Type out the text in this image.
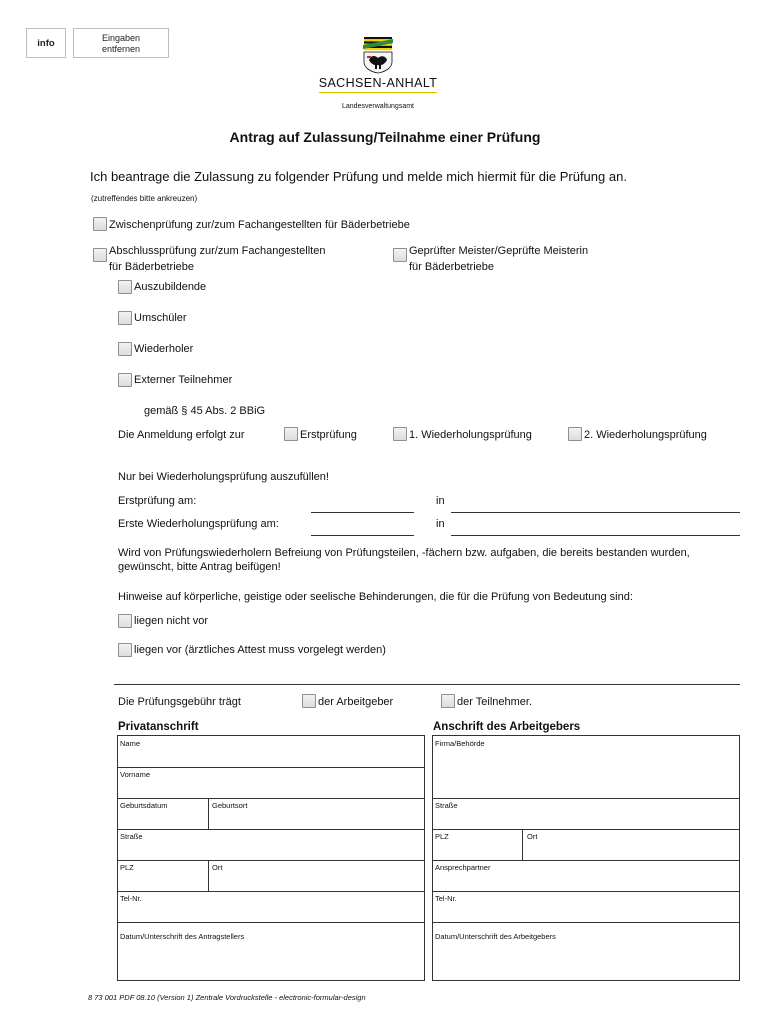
info	Eingaben
entfernen
SACHSEN-ANHALT
Landesverwaltungsamt
Antrag auf Zulassung/Teilnahme einer Prüfung
Ich beantrage die Zulassung zu folgender Prüfung und melde mich hiermit für die Prüfung an.
(zutreffendes bitte ankreuzen)
Zwischenprüfung zur/zum Fachangestellten für Bäderbetriebe
Abschlussprüfung zur/zum Fachangestellten
für Bäderbetriebe
Geprüfter Meister/Geprüfte Meisterin
für Bäderbetriebe
Auszubildende
Umschüler
Wiederholer
Externer Teilnehmer
gemäß § 45 Abs. 2 BBiG
Die Anmeldung erfolgt zur	Erstprüfung	1. Wiederholungsprüfung	2. Wiederholungsprüfung
Nur bei Wiederholungsprüfung auszufüllen!
Erstprüfung am:	in
Erste Wiederholungsprüfung am:	in
Wird von Prüfungswiederholern Befreiung von Prüfungsteilen, -fächern bzw. aufgaben, die bereits bestanden wurden, gewünscht, bitte Antrag beifügen!
Hinweise auf körperliche, geistige oder seelische Behinderungen, die für die Prüfung von Bedeutung sind:
liegen nicht vor
liegen vor (ärztliches Attest muss vorgelegt werden)
Die Prüfungsgebühr trägt	der Arbeitgeber	der Teilnehmer.
Privatanschrift
Name
Vorname
Geburtsdatum	Geburtsort
Straße
PLZ	Ort
Tel-Nr.
Datum/Unterschrift des Antragstellers
Anschrift des Arbeitgebers
Firma/Behörde
Straße
PLZ	Ort
Ansprechpartner
Tel-Nr.
Datum/Unterschrift des Arbeitgebers
8 73 001 PDF 08.10 (Version 1) Zentrale Vordruckstelle - electronic-formular-design
